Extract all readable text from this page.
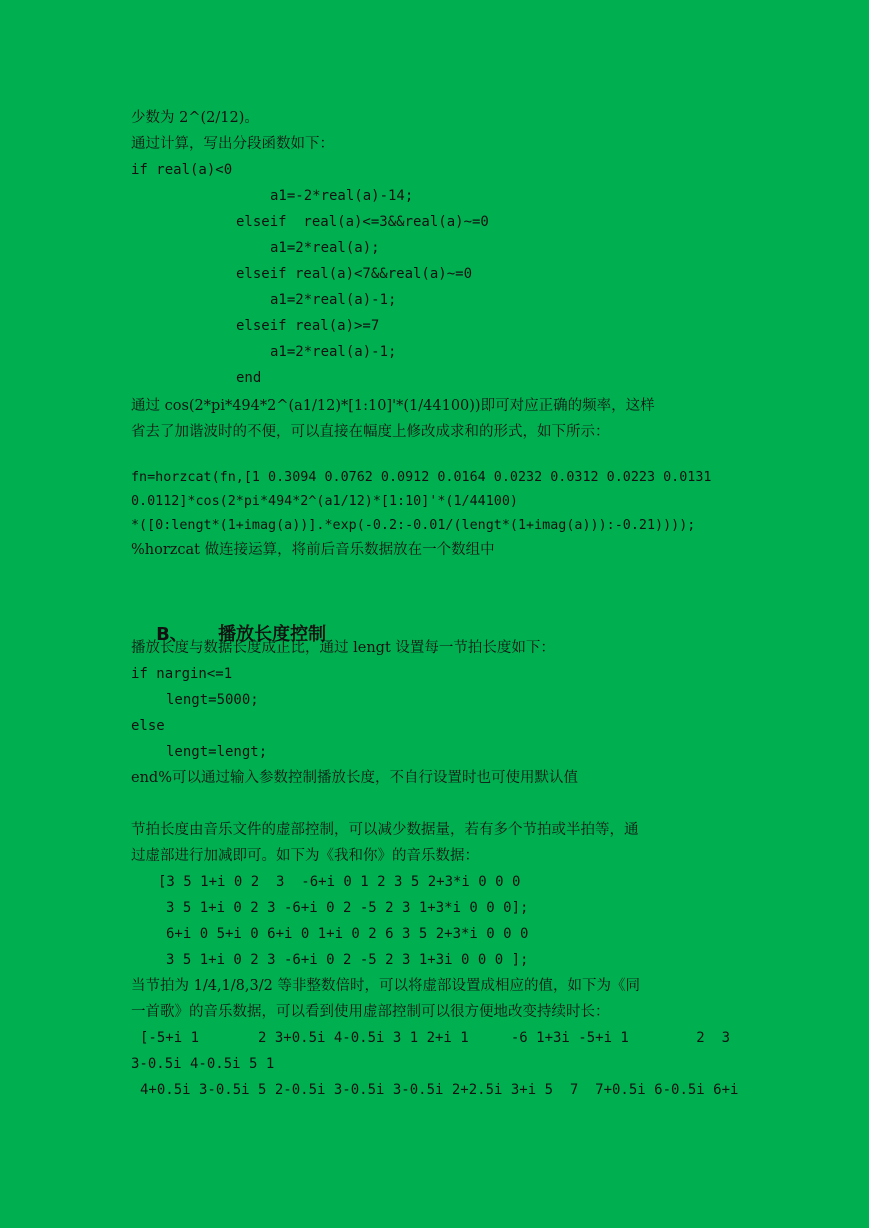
少数为 2^(2/12)。
通过计算，写出分段函数如下：
if real(a)<0
a1=-2*real(a)-14;
elseif  real(a)<=3&&real(a)~=0
a1=2*real(a);
elseif real(a)<7&&real(a)~=0
a1=2*real(a)-1;
elseif real(a)>=7
a1=2*real(a)-1;
end
通过 cos(2*pi*494*2^(a1/12)*[1:10]'*(1/44100))即可对应正确的频率，这样
省去了加谐波时的不便，可以直接在幅度上修改成求和的形式，如下所示：
fn=horzcat(fn,[1 0.3094 0.0762 0.0912 0.0164 0.0232 0.0312 0.0223 0.0131
0.0112]*cos(2*pi*494*2^(a1/12)*[1:10]'*(1/44100)
*([0:lengt*(1+imag(a))].*exp(-0.2:-0.01/(lengt*(1+imag(a))):-0.21))));
%horzcat 做连接运算，将前后音乐数据放在一个数组中

B、 播放长度控制

播放长度与数据长度成正比，通过 lengt 设置每一节拍长度如下：
if nargin<=1
lengt=5000;
else
lengt=lengt;
end%可以通过输入参数控制播放长度，不自行设置时也可使用默认值
节拍长度由音乐文件的虚部控制，可以减少数据量，若有多个节拍或半拍等，通
过虚部进行加减即可。如下为《我和你》的音乐数据：
[3 5 1+i 0 2  3  -6+i 0 1 2 3 5 2+3*i 0 0 0
3 5 1+i 0 2 3 -6+i 0 2 -5 2 3 1+3*i 0 0 0];
6+i 0 5+i 0 6+i 0 1+i 0 2 6 3 5 2+3*i 0 0 0
3 5 1+i 0 2 3 -6+i 0 2 -5 2 3 1+3i 0 0 0 ];
当节拍为 1/4,1/8,3/2 等非整数倍时，可以将虚部设置成相应的值，如下为《同
一首歌》的音乐数据，可以看到使用虚部控制可以很方便地改变持续时长：
[-5+i 1       2 3+0.5i 4-0.5i 3 1 2+i 1     -6 1+3i -5+i 1        2  3
3-0.5i 4-0.5i 5 1
4+0.5i 3-0.5i 5 2-0.5i 3-0.5i 3-0.5i 2+2.5i 3+i 5  7  7+0.5i 6-0.5i 6+i
